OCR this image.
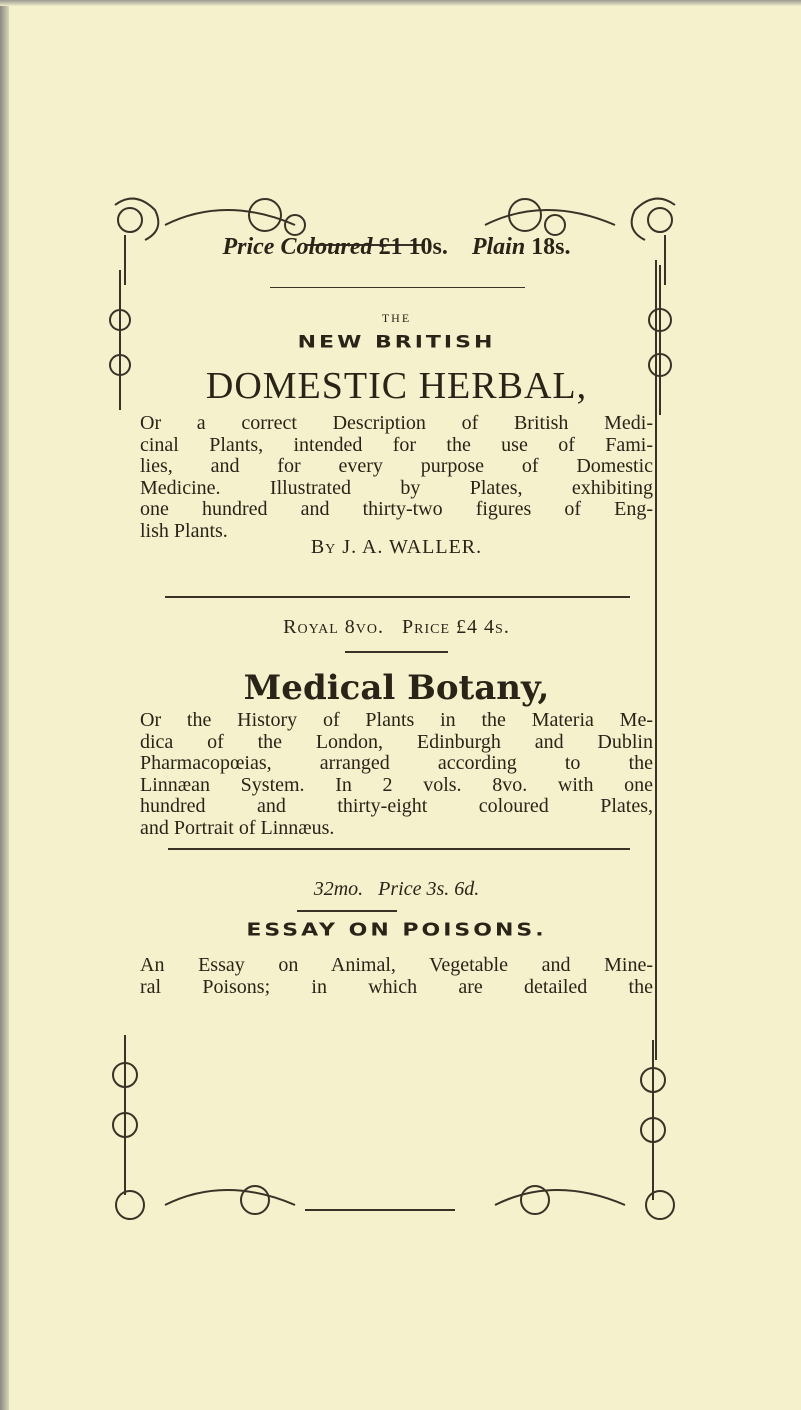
Price Coloured £1 10s. Plain 18s.
THE
NEW BRITISH
DOMESTIC HERBAL,
Or a correct Description of British Medi-
cinal Plants, intended for the use of Fami-
lies, and for every purpose of Domestic
Medicine. Illustrated by Plates, exhibiting
one hundred and thirty-two figures of Eng-
lish Plants.
By J. A. WALLER.
Royal 8vo.   Price £4 4s.
Medical Botany,
Or the History of Plants in the Materia Me-
dica of the London, Edinburgh and Dublin
Pharmacopœias, arranged according to the
Linnæan System. In 2 vols. 8vo. with one
hundred and thirty-eight coloured Plates,
and Portrait of Linnæus.
32mo.   Price 3s. 6d.
ESSAY ON POISONS.
An Essay on Animal, Vegetable and Mine-
ral Poisons; in which are detailed the
